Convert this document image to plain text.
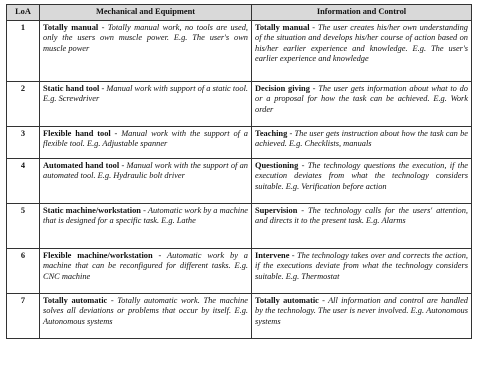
LoA	Mechanical and Equipment	Information and Control
1	Totally manual - Totally manual work, no tools are used, only the users own muscle power. E.g. The user's own muscle power	Totally manual - The user creates his/her own understanding of the situation and develops his/her course of action based on his/her earlier experience and knowledge. E.g. The user's earlier experience and knowledge
2	Static hand tool - Manual work with support of a static tool. E.g. Screwdriver	Decision giving - The user gets information about what to do or a proposal for how the task can be achieved. E.g. Work order
3	Flexible hand tool - Manual work with the support of a flexible tool. E.g. Adjustable spanner	Teaching - The user gets instruction about how the task can be achieved. E.g. Checklists, manuals
4	Automated hand tool - Manual work with the support of an automated tool. E.g. Hydraulic bolt driver	Questioning - The technology questions the execution, if the execution deviates from what the technology considers suitable. E.g. Verification before action
5	Static machine/workstation - Automatic work by a machine that is designed for a specific task. E.g. Lathe	Supervision - The technology calls for the users' attention, and directs it to the present task. E.g. Alarms
6	Flexible machine/workstation - Automatic work by a machine that can be reconfigured for different tasks. E.g. CNC machine	Intervene - The technology takes over and corrects the action, if the executions deviate from what the technology considers suitable. E.g. Thermostat
7	Totally automatic - Totally automatic work. The machine solves all deviations or problems that occur by itself. E.g. Autonomous systems	Totally automatic - All information and control are handled by the technology. The user is never involved. E.g. Autonomous systems
